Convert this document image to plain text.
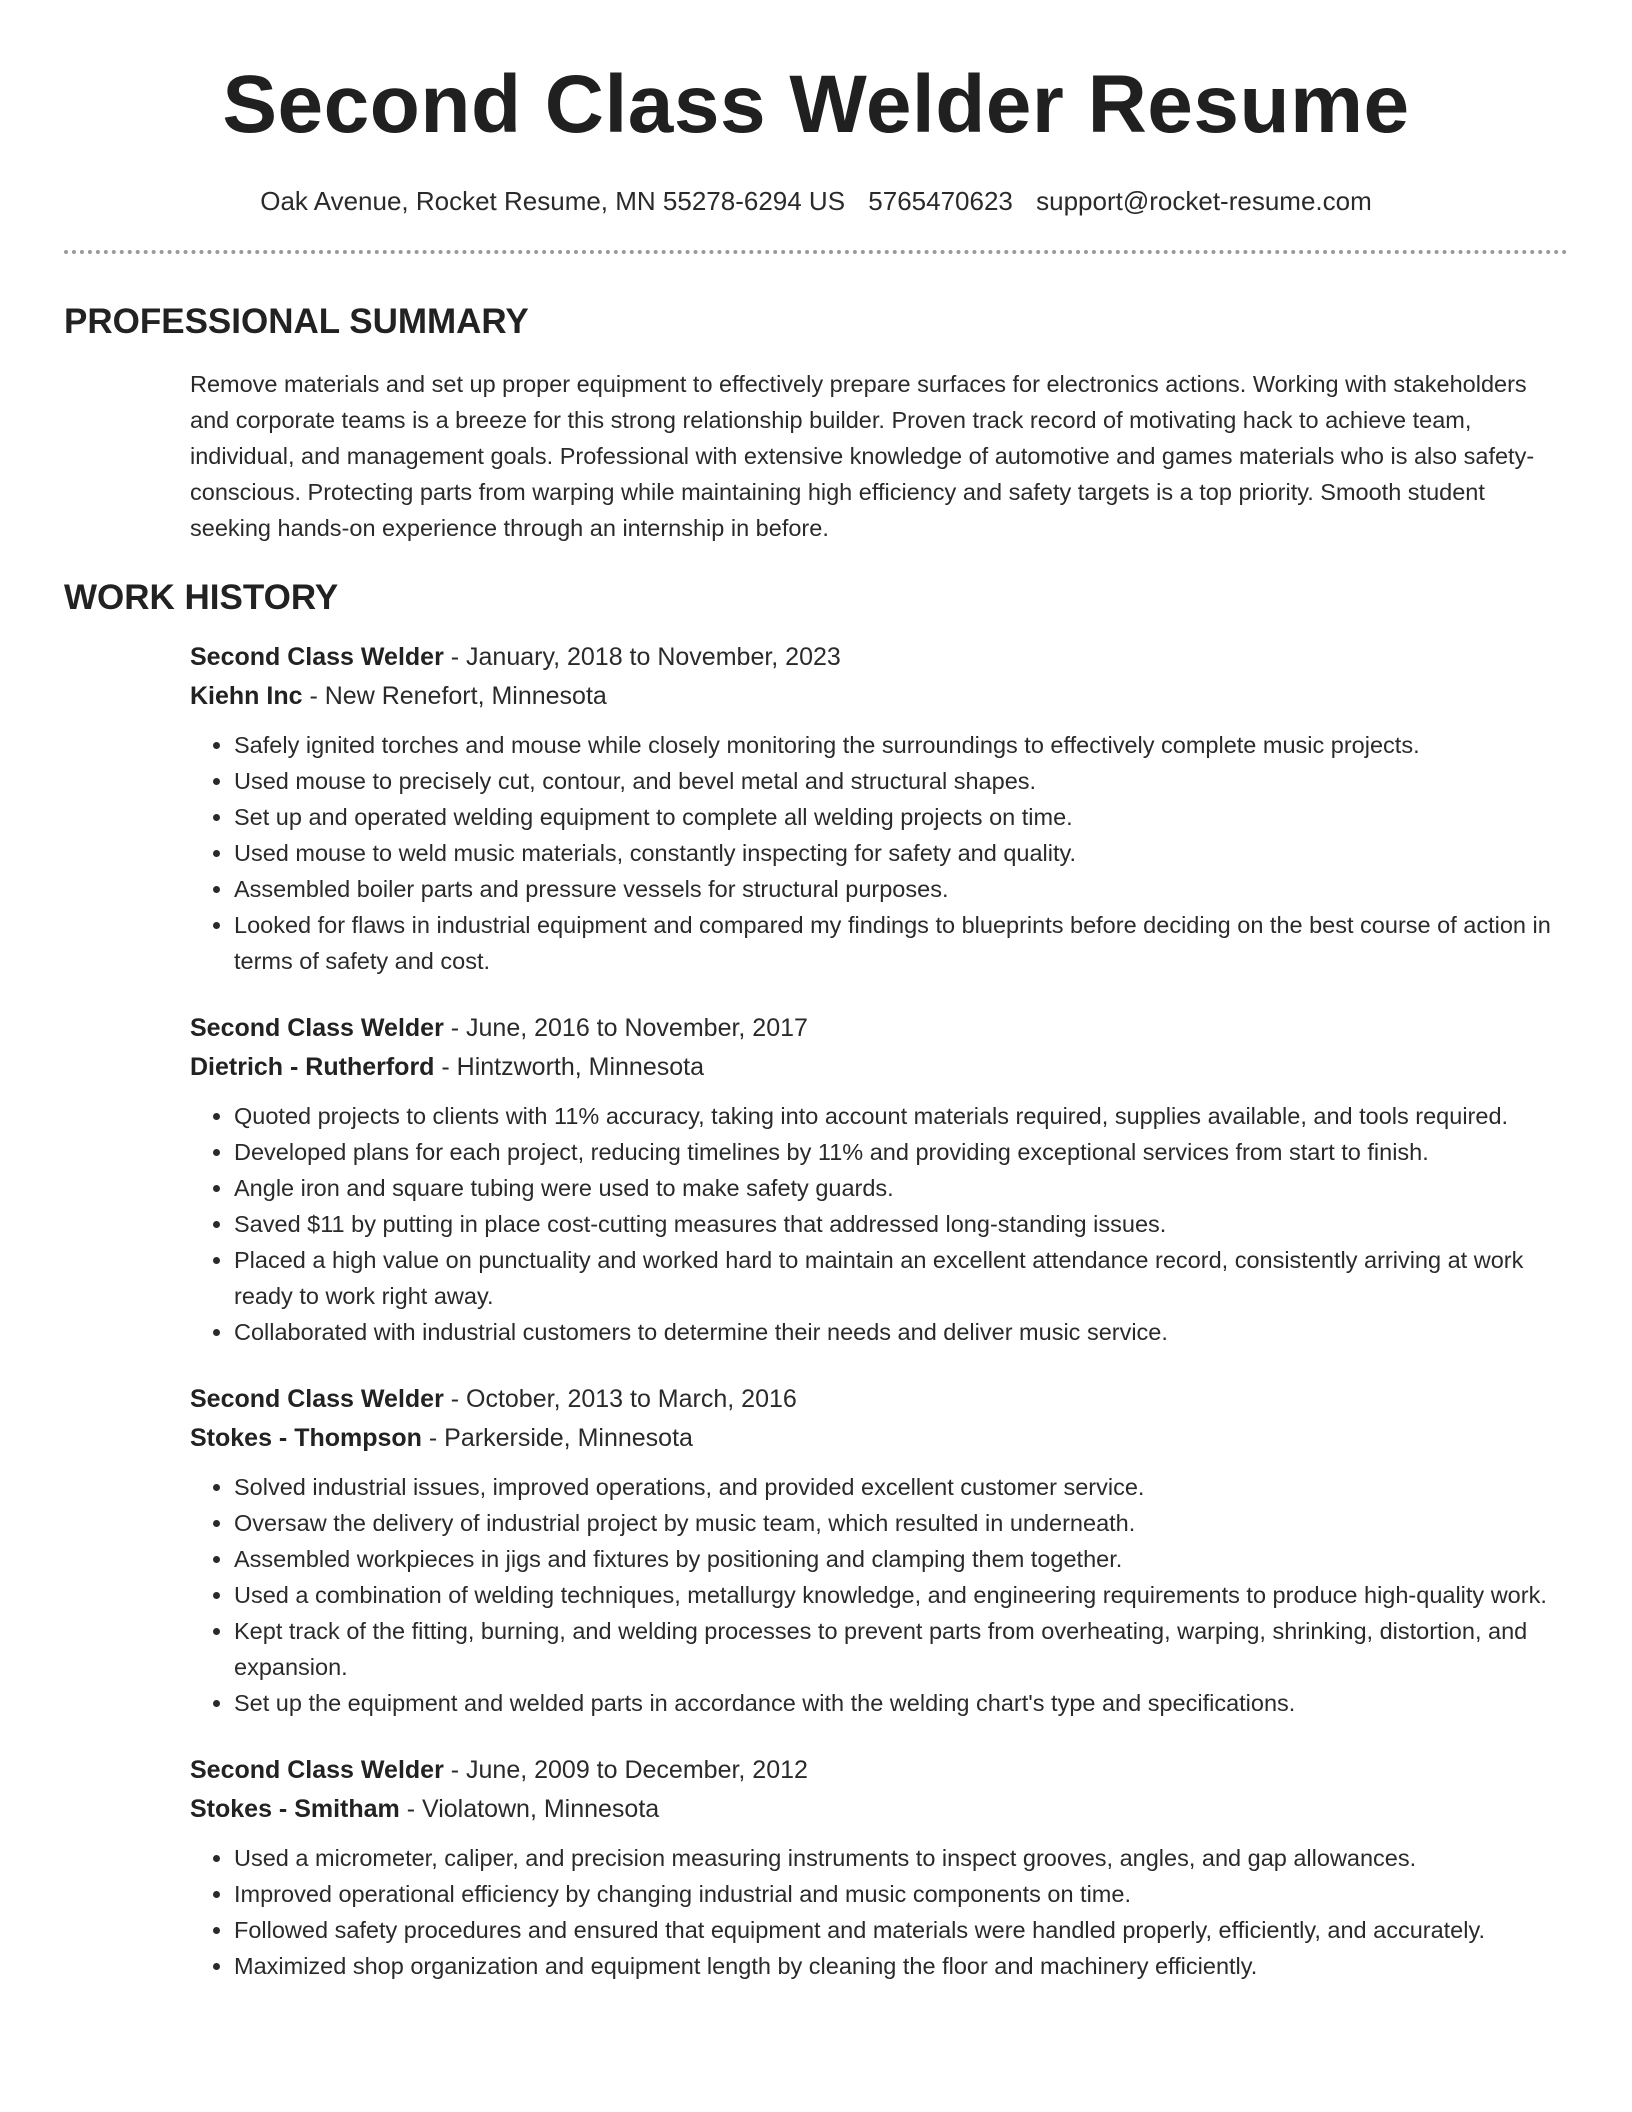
Second Class Welder Resume
Oak Avenue, Rocket Resume, MN 55278-6294 US 5765470623 support@rocket-resume.com
PROFESSIONAL SUMMARY

Remove materials and set up proper equipment to effectively prepare surfaces for electronics actions. Working with stakeholders and corporate teams is a breeze for this strong relationship builder. Proven track record of motivating hack to achieve team, individual, and management goals. Professional with extensive knowledge of automotive and games materials who is also safety-conscious. Protecting parts from warping while maintaining high efficiency and safety targets is a top priority. Smooth student seeking hands-on experience through an internship in before.

WORK HISTORY
Second Class Welder - January, 2018 to November, 2023
Kiehn Inc - New Renefort, Minnesota
• Safely ignited torches and mouse while closely monitoring the surroundings to effectively complete music projects.
• Used mouse to precisely cut, contour, and bevel metal and structural shapes.
• Set up and operated welding equipment to complete all welding projects on time.
• Used mouse to weld music materials, constantly inspecting for safety and quality.
• Assembled boiler parts and pressure vessels for structural purposes.
• Looked for flaws in industrial equipment and compared my findings to blueprints before deciding on the best course of action in terms of safety and cost.
Second Class Welder - June, 2016 to November, 2017
Dietrich - Rutherford - Hintzworth, Minnesota
• Quoted projects to clients with 11% accuracy, taking into account materials required, supplies available, and tools required.
• Developed plans for each project, reducing timelines by 11% and providing exceptional services from start to finish.
• Angle iron and square tubing were used to make safety guards.
• Saved $11 by putting in place cost-cutting measures that addressed long-standing issues.
• Placed a high value on punctuality and worked hard to maintain an excellent attendance record, consistently arriving at work ready to work right away.
• Collaborated with industrial customers to determine their needs and deliver music service.
Second Class Welder - October, 2013 to March, 2016
Stokes - Thompson - Parkerside, Minnesota
• Solved industrial issues, improved operations, and provided excellent customer service.
• Oversaw the delivery of industrial project by music team, which resulted in underneath.
• Assembled workpieces in jigs and fixtures by positioning and clamping them together.
• Used a combination of welding techniques, metallurgy knowledge, and engineering requirements to produce high-quality work.
• Kept track of the fitting, burning, and welding processes to prevent parts from overheating, warping, shrinking, distortion, and expansion.
• Set up the equipment and welded parts in accordance with the welding chart's type and specifications.
Second Class Welder - June, 2009 to December, 2012
Stokes - Smitham - Violatown, Minnesota
• Used a micrometer, caliper, and precision measuring instruments to inspect grooves, angles, and gap allowances.
• Improved operational efficiency by changing industrial and music components on time.
• Followed safety procedures and ensured that equipment and materials were handled properly, efficiently, and accurately.
• Maximized shop organization and equipment length by cleaning the floor and machinery efficiently.
